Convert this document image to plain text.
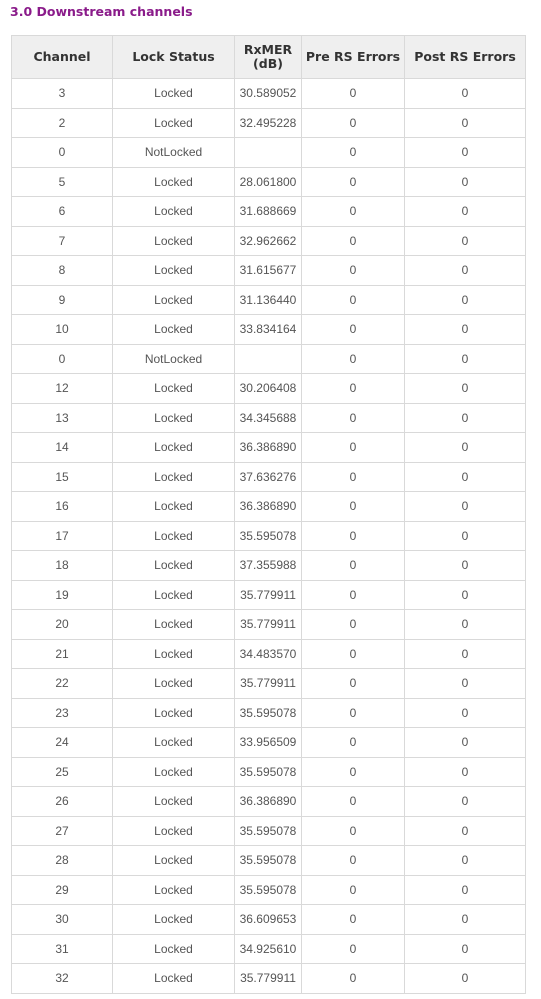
3.0 Downstream channels
Channel	Lock Status	RxMER (dB)	Pre RS Errors	Post RS Errors
3	Locked	30.589052	0	0
2	Locked	32.495228	0	0
0	NotLocked		0	0
5	Locked	28.061800	0	0
6	Locked	31.688669	0	0
7	Locked	32.962662	0	0
8	Locked	31.615677	0	0
9	Locked	31.136440	0	0
10	Locked	33.834164	0	0
0	NotLocked		0	0
12	Locked	30.206408	0	0
13	Locked	34.345688	0	0
14	Locked	36.386890	0	0
15	Locked	37.636276	0	0
16	Locked	36.386890	0	0
17	Locked	35.595078	0	0
18	Locked	37.355988	0	0
19	Locked	35.779911	0	0
20	Locked	35.779911	0	0
21	Locked	34.483570	0	0
22	Locked	35.779911	0	0
23	Locked	35.595078	0	0
24	Locked	33.956509	0	0
25	Locked	35.595078	0	0
26	Locked	36.386890	0	0
27	Locked	35.595078	0	0
28	Locked	35.595078	0	0
29	Locked	35.595078	0	0
30	Locked	36.609653	0	0
31	Locked	34.925610	0	0
32	Locked	35.779911	0	0
